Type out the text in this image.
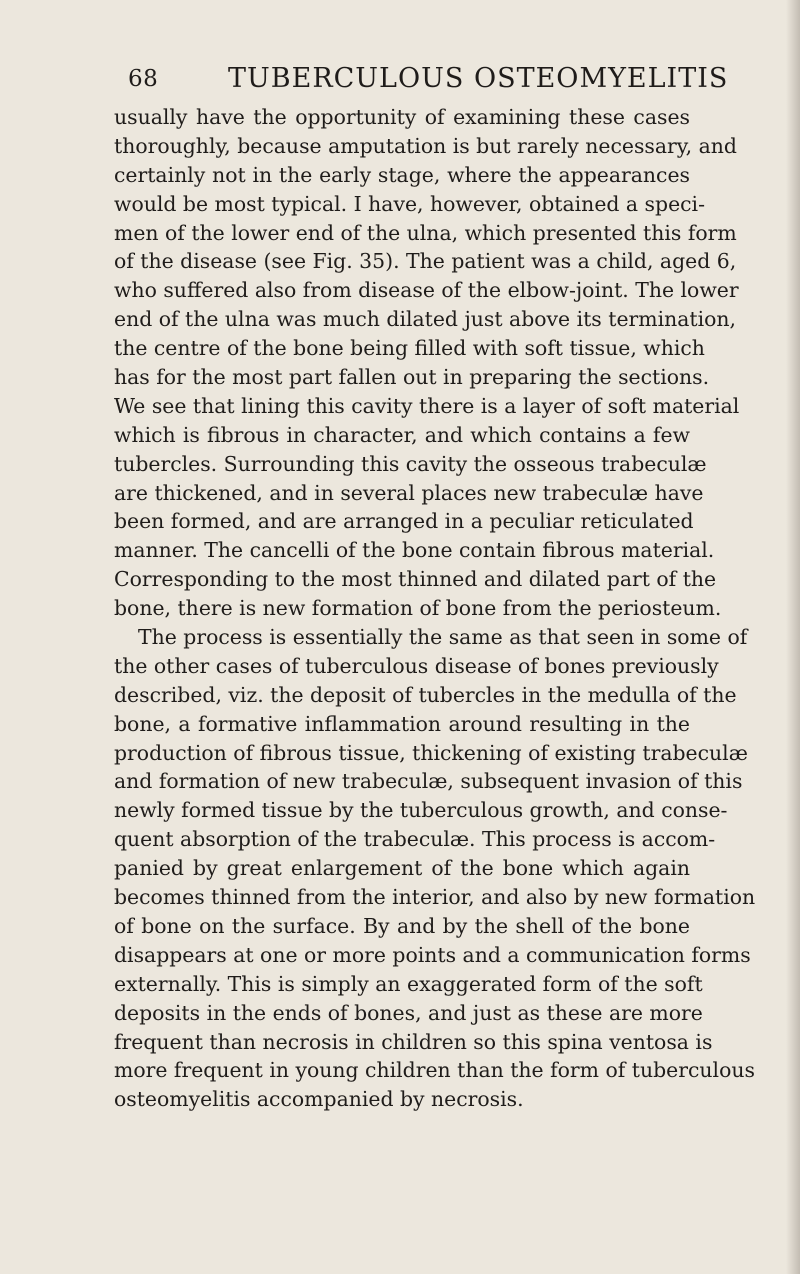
68	TUBERCULOUS OSTEOMYELITIS
usually have the opportunity of examining these cases
thoroughly, because amputation is but rarely necessary, and
certainly not in the early stage, where the appearances
would be most typical. I have, however, obtained a speci-
men of the lower end of the ulna, which presented this form
of the disease (see Fig. 35). The patient was a child, aged 6,
who suffered also from disease of the elbow-joint. The lower
end of the ulna was much dilated just above its termination,
the centre of the bone being filled with soft tissue, which
has for the most part fallen out in preparing the sections.
We see that lining this cavity there is a layer of soft material
which is fibrous in character, and which contains a few
tubercles. Surrounding this cavity the osseous trabeculæ
are thickened, and in several places new trabeculæ have
been formed, and are arranged in a peculiar reticulated
manner. The cancelli of the bone contain fibrous material.
Corresponding to the most thinned and dilated part of the
bone, there is new formation of bone from the periosteum.
The process is essentially the same as that seen in some of
the other cases of tuberculous disease of bones previously
described, viz. the deposit of tubercles in the medulla of the
bone, a formative inflammation around resulting in the
production of fibrous tissue, thickening of existing trabeculæ
and formation of new trabeculæ, subsequent invasion of this
newly formed tissue by the tuberculous growth, and conse-
quent absorption of the trabeculæ. This process is accom-
panied by great enlargement of the bone which again
becomes thinned from the interior, and also by new formation
of bone on the surface. By and by the shell of the bone
disappears at one or more points and a communication forms
externally. This is simply an exaggerated form of the soft
deposits in the ends of bones, and just as these are more
frequent than necrosis in children so this spina ventosa is
more frequent in young children than the form of tuberculous
osteomyelitis accompanied by necrosis.
